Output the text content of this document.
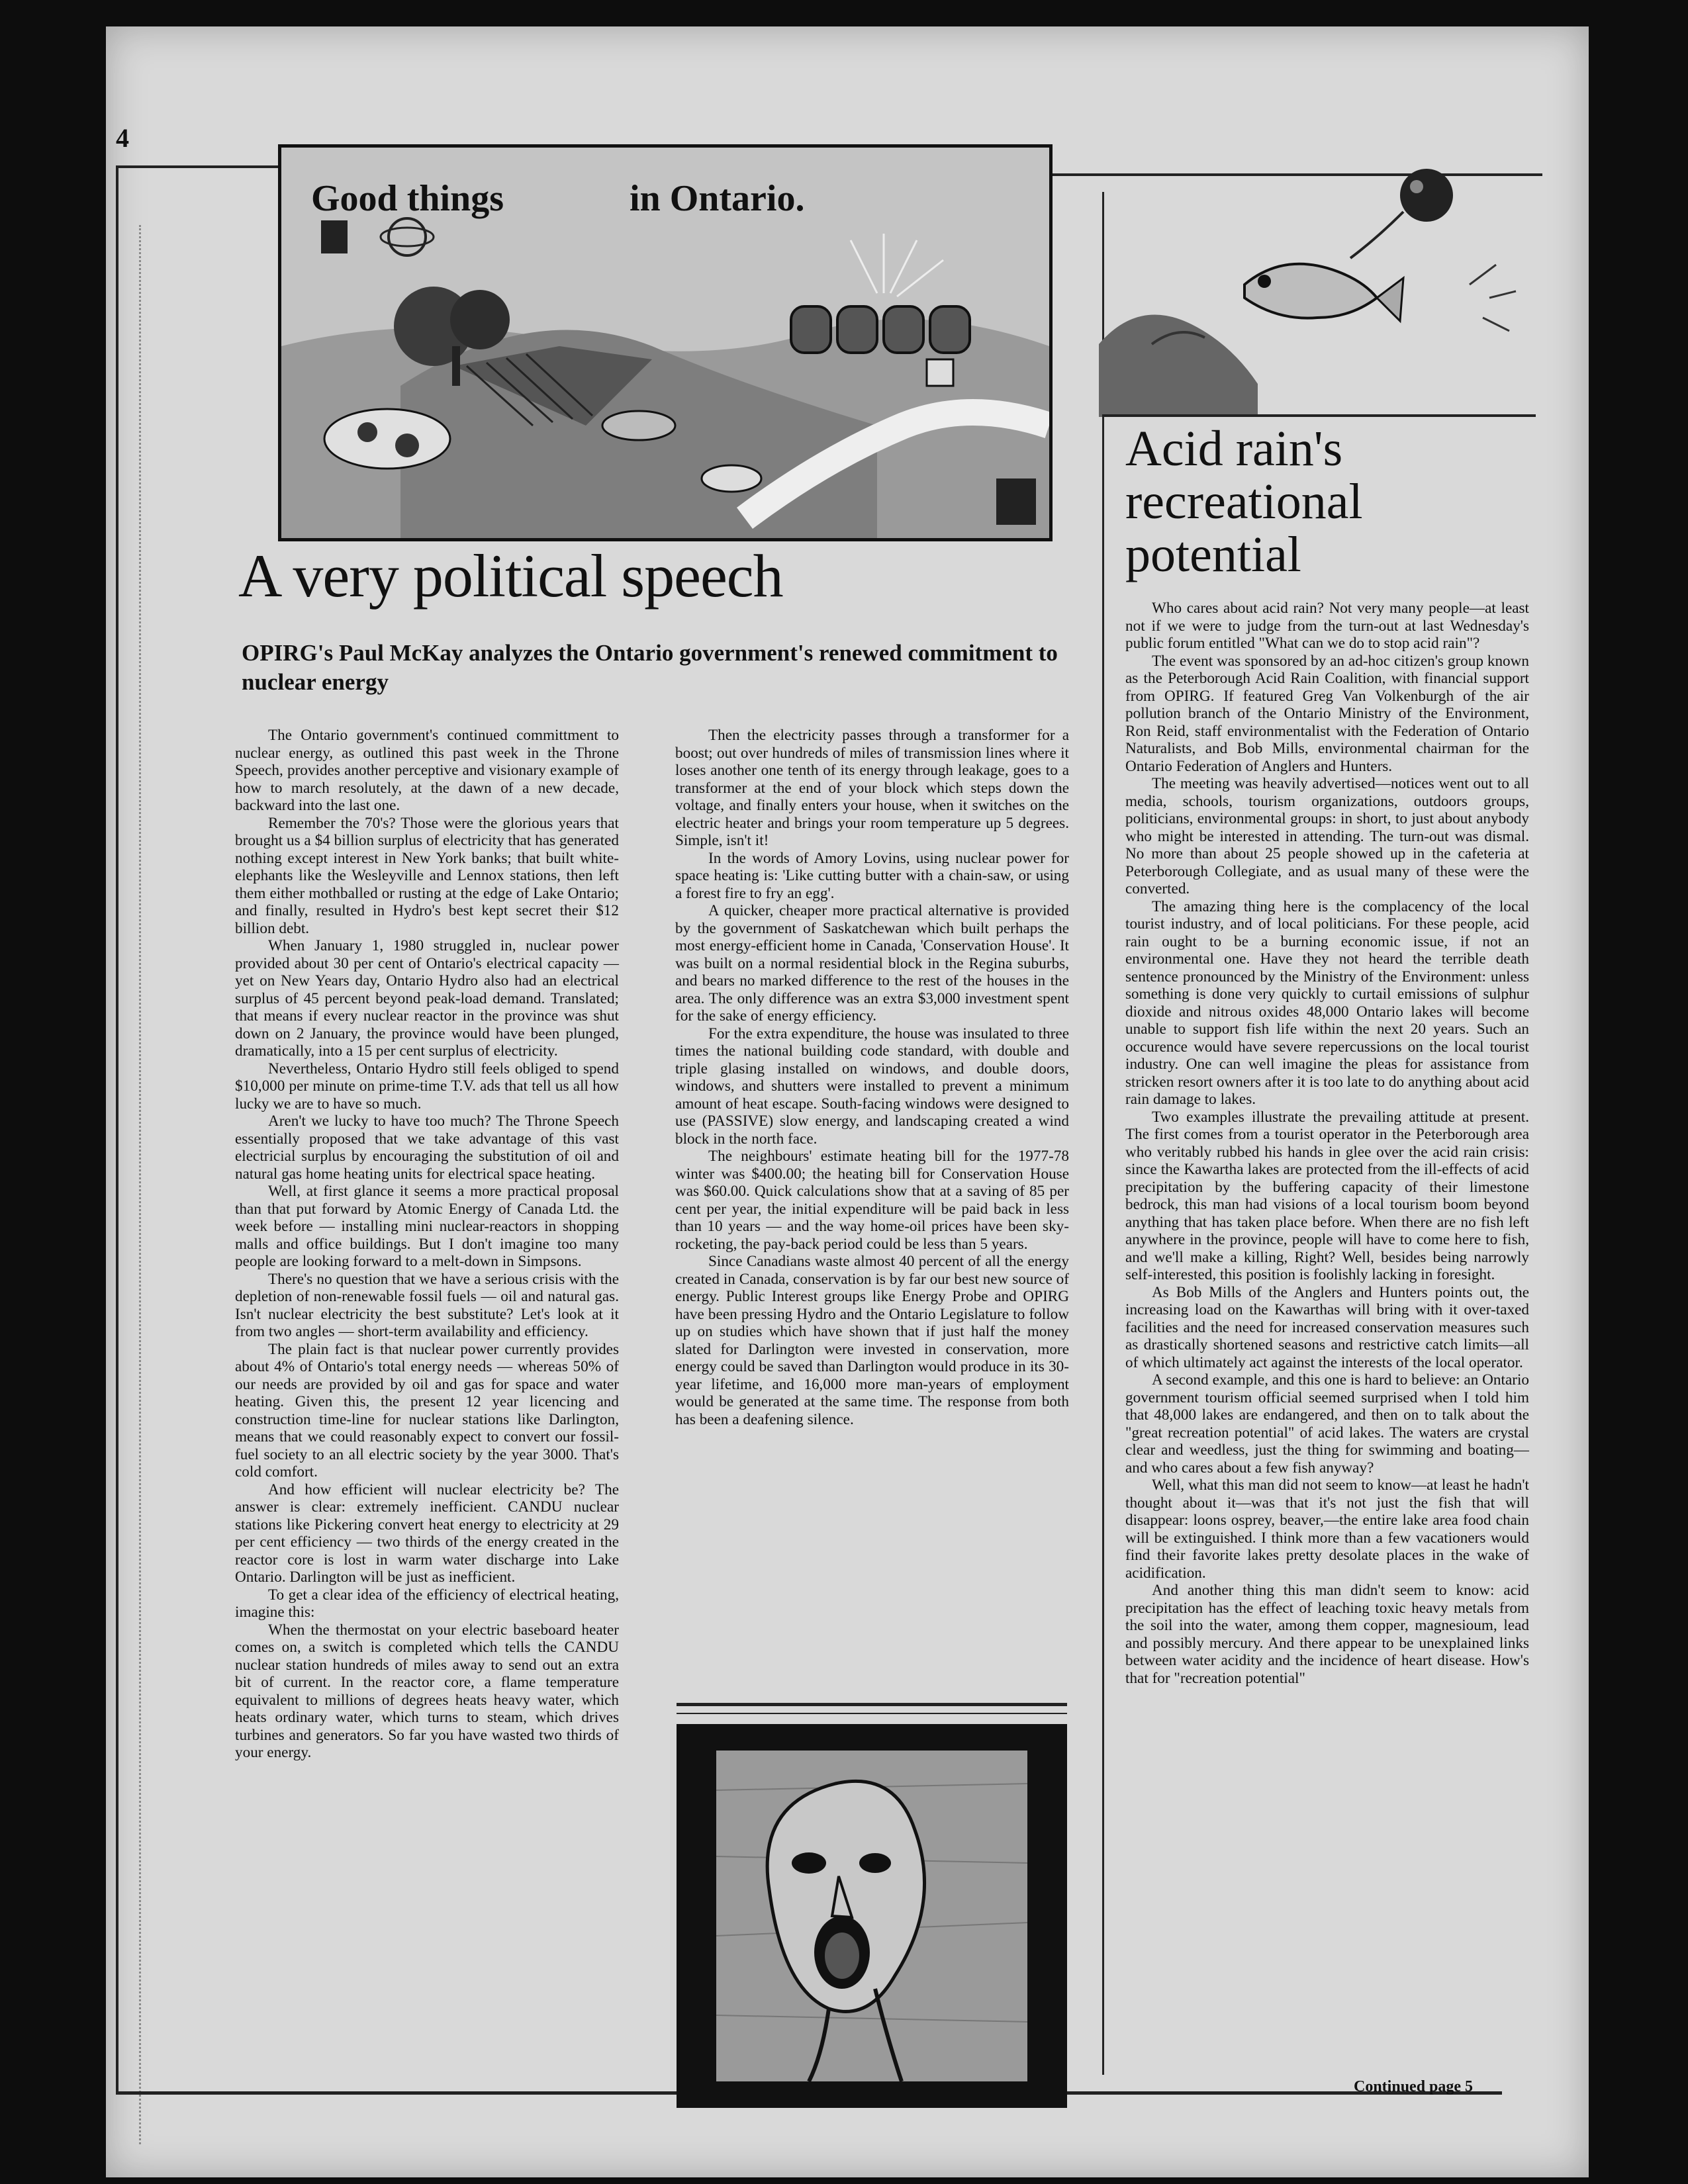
4
Good things	in Ontario.
A very political speech
OPIRG's Paul McKay analyzes the Ontario government's renewed commitment to nuclear energy

The Ontario government's continued committment to nuclear energy, as outlined this past week in the Throne Speech, provides another perceptive and visionary example of how to march resolutely, at the dawn of a new decade, backward into the last one.

Remember the 70's? Those were the glorious years that brought us a $4 billion surplus of electricity that has generated nothing except interest in New York banks; that built white-elephants like the Wesleyville and Lennox stations, then left them either mothballed or rusting at the edge of Lake Ontario; and finally, resulted in Hydro's best kept secret their $12 billion debt.

When January 1, 1980 struggled in, nuclear power provided about 30 per cent of Ontario's electrical capacity — yet on New Years day, Ontario Hydro also had an electrical surplus of 45 percent beyond peak-load demand. Translated; that means if every nuclear reactor in the province was shut down on 2 January, the province would have been plunged, dramatically, into a 15 per cent surplus of electricity.

Nevertheless, Ontario Hydro still feels obliged to spend $10,000 per minute on prime-time T.V. ads that tell us all how lucky we are to have so much.

Aren't we lucky to have too much? The Throne Speech essentially proposed that we take advantage of this vast electricial surplus by encouraging the substitution of oil and natural gas home heating units for electrical space heating.

Well, at first glance it seems a more practical proposal than that put forward by Atomic Energy of Canada Ltd. the week before — installing mini nuclear-reactors in shopping malls and office buildings. But I don't imagine too many people are looking forward to a melt-down in Simpsons.

There's no question that we have a serious crisis with the depletion of non-renewable fossil fuels — oil and natural gas. Isn't nuclear electricity the best substitute? Let's look at it from two angles — short-term availability and efficiency.

The plain fact is that nuclear power currently provides about 4% of Ontario's total energy needs — whereas 50% of our needs are provided by oil and gas for space and water heating. Given this, the present 12 year licencing and construction time-line for nuclear stations like Darlington, means that we could reasonably expect to convert our fossil-fuel society to an all electric society by the year 3000. That's cold comfort.

And how efficient will nuclear electricity be? The answer is clear: extremely inefficient. CANDU nuclear stations like Pickering convert heat energy to electricity at 29 per cent efficiency — two thirds of the energy created in the reactor core is lost in warm water discharge into Lake Ontario. Darlington will be just as inefficient.

To get a clear idea of the efficiency of electrical heating, imagine this:

When the thermostat on your electric baseboard heater comes on, a switch is completed which tells the CANDU nuclear station hundreds of miles away to send out an extra bit of current. In the reactor core, a flame temperature equivalent to millions of degrees heats heavy water, which heats ordinary water, which turns to steam, which drives turbines and generators. So far you have wasted two thirds of your energy.

Then the electricity passes through a transformer for a boost; out over hundreds of miles of transmission lines where it loses another one tenth of its energy through leakage, goes to a transformer at the end of your block which steps down the voltage, and finally enters your house, when it switches on the electric heater and brings your room temperature up 5 degrees. Simple, isn't it!

In the words of Amory Lovins, using nuclear power for space heating is: 'Like cutting butter with a chain-saw, or using a forest fire to fry an egg'.

A quicker, cheaper more practical alternative is provided by the government of Saskatchewan which built perhaps the most energy-efficient home in Canada, 'Conservation House'. It was built on a normal residential block in the Regina suburbs, and bears no marked difference to the rest of the houses in the area. The only difference was an extra $3,000 investment spent for the sake of energy efficiency.

For the extra expenditure, the house was insulated to three times the national building code standard, with double and triple glasing installed on windows, and double doors, windows, and shutters were installed to prevent a minimum amount of heat escape. South-facing windows were designed to use (PASSIVE) slow energy, and landscaping created a wind block in the north face.

The neighbours' estimate heating bill for the 1977-78 winter was $400.00; the heating bill for Conservation House was $60.00. Quick calculations show that at a saving of 85 per cent per year, the initial expenditure will be paid back in less than 10 years — and the way home-oil prices have been sky-rocketing, the pay-back period could be less than 5 years.

Since Canadians waste almost 40 percent of all the energy created in Canada, conservation is by far our best new source of energy. Public Interest groups like Energy Probe and OPIRG have been pressing Hydro and the Ontario Legislature to follow up on studies which have shown that if just half the money slated for Darlington were invested in conservation, more energy could be saved than Darlington would produce in its 30-year lifetime, and 16,000 more man-years of employment would be generated at the same time. The response from both has been a deafening silence.

Acid rain's
recreational
potential

Who cares about acid rain? Not very many people—at least not if we were to judge from the turn-out at last Wednesday's public forum entitled "What can we do to stop acid rain"?

The event was sponsored by an ad-hoc citizen's group known as the Peterborough Acid Rain Coalition, with financial support from OPIRG. If featured Greg Van Volkenburgh of the air pollution branch of the Ontario Ministry of the Environment, Ron Reid, staff environmentalist with the Federation of Ontario Naturalists, and Bob Mills, environmental chairman for the Ontario Federation of Anglers and Hunters.

The meeting was heavily advertised—notices went out to all media, schools, tourism organizations, outdoors groups, politicians, environmental groups: in short, to just about anybody who might be interested in attending. The turn-out was dismal. No more than about 25 people showed up in the cafeteria at Peterborough Collegiate, and as usual many of these were the converted.

The amazing thing here is the complacency of the local tourist industry, and of local politicians. For these people, acid rain ought to be a burning economic issue, if not an environmental one. Have they not heard the terrible death sentence pronounced by the Ministry of the Environment: unless something is done very quickly to curtail emissions of sulphur dioxide and nitrous oxides 48,000 Ontario lakes will become unable to support fish life within the next 20 years. Such an occurence would have severe repercussions on the local tourist industry. One can well imagine the pleas for assistance from stricken resort owners after it is too late to do anything about acid rain damage to lakes.

Two examples illustrate the prevailing attitude at present. The first comes from a tourist operator in the Peterborough area who veritably rubbed his hands in glee over the acid rain crisis: since the Kawartha lakes are protected from the ill-effects of acid precipitation by the buffering capacity of their limestone bedrock, this man had visions of a local tourism boom beyond anything that has taken place before. When there are no fish left anywhere in the province, people will have to come here to fish, and we'll make a killing, Right? Well, besides being narrowly self-interested, this position is foolishly lacking in foresight.

As Bob Mills of the Anglers and Hunters points out, the increasing load on the Kawarthas will bring with it over-taxed facilities and the need for increased conservation measures such as drastically shortened seasons and restrictive catch limits—all of which ultimately act against the interests of the local operator.

A second example, and this one is hard to believe: an Ontario government tourism official seemed surprised when I told him that 48,000 lakes are endangered, and then on to talk about the "great recreation potential" of acid lakes. The waters are crystal clear and weedless, just the thing for swimming and boating—and who cares about a few fish anyway?

Well, what this man did not seem to know—at least he hadn't thought about it—was that it's not just the fish that will disappear: loons osprey, beaver,—the entire lake area food chain will be extinguished. I think more than a few vacationers would find their favorite lakes pretty desolate places in the wake of acidification.

And another thing this man didn't seem to know: acid precipitation has the effect of leaching toxic heavy metals from the soil into the water, among them copper, magnesioum, lead and possibly mercury. And there appear to be unexplained links between water acidity and the incidence of heart disease. How's that for "recreation potential"

Continued page 5
